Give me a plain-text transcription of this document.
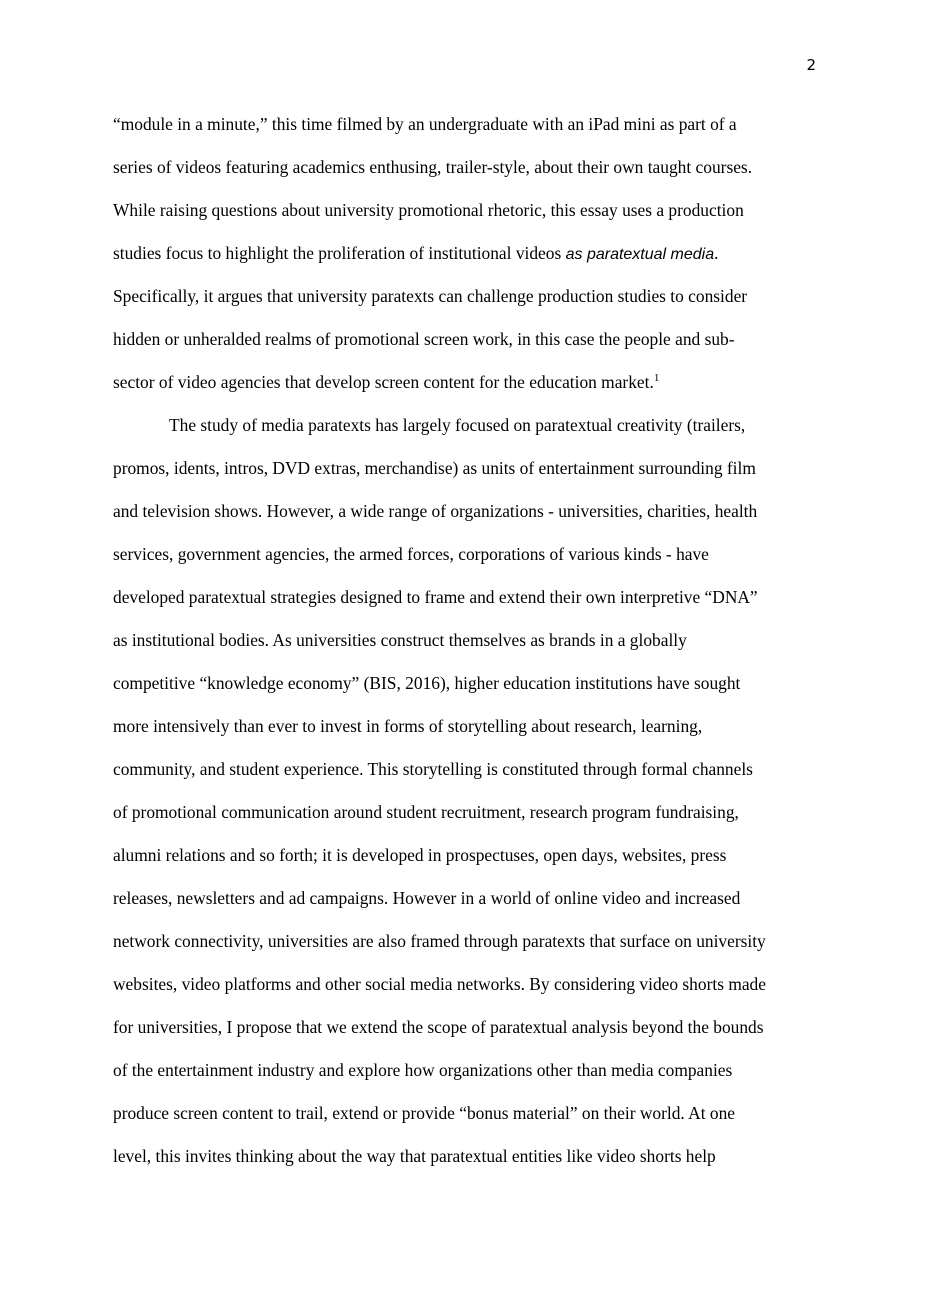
2
“module in a minute,” this time filmed by an undergraduate with an iPad mini as part of a
series of videos featuring academics enthusing, trailer-style, about their own taught courses.
While raising questions about university promotional rhetoric, this essay uses a production
studies focus to highlight the proliferation of institutional videos as paratextual media.
Specifically, it argues that university paratexts can challenge production studies to consider
hidden or unheralded realms of promotional screen work, in this case the people and sub-
sector of video agencies that develop screen content for the education market.$^1$
The study of media paratexts has largely focused on paratextual creativity (trailers,
promos, idents, intros, DVD extras, merchandise) as units of entertainment surrounding film
and television shows. However, a wide range of organizations - universities, charities, health
services, government agencies, the armed forces, corporations of various kinds - have
developed paratextual strategies designed to frame and extend their own interpretive “DNA”
as institutional bodies. As universities construct themselves as brands in a globally
competitive “knowledge economy” (BIS, 2016), higher education institutions have sought
more intensively than ever to invest in forms of storytelling about research, learning,
community, and student experience. This storytelling is constituted through formal channels
of promotional communication around student recruitment, research program fundraising,
alumni relations and so forth; it is developed in prospectuses, open days, websites, press
releases, newsletters and ad campaigns. However in a world of online video and increased
network connectivity, universities are also framed through paratexts that surface on university
websites, video platforms and other social media networks. By considering video shorts made
for universities, I propose that we extend the scope of paratextual analysis beyond the bounds
of the entertainment industry and explore how organizations other than media companies
produce screen content to trail, extend or provide “bonus material” on their world. At one
level, this invites thinking about the way that paratextual entities like video shorts help
